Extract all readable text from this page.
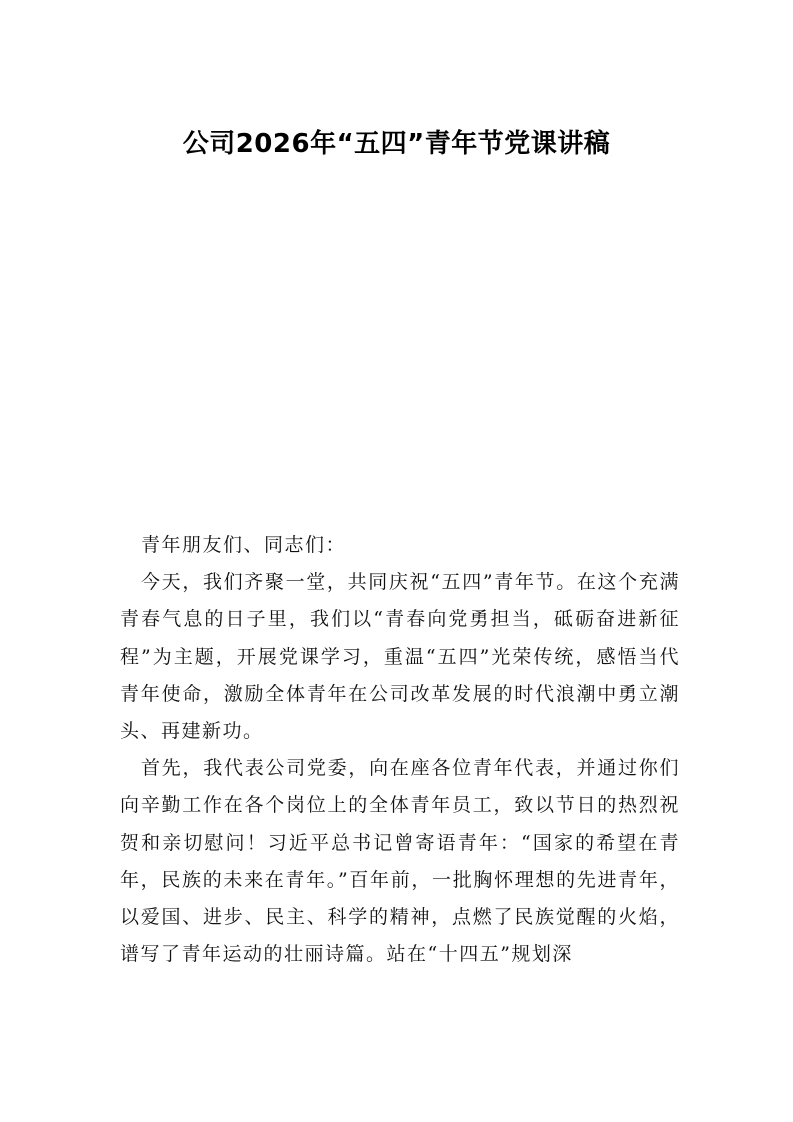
公司2026年“五四”青年节党课讲稿

青年朋友们、同志们：

今天，我们齐聚一堂，共同庆祝“五四”青年节。在这个充满青春气息的日子里，我们以“青春向党勇担当，砥砺奋进新征程”为主题，开展党课学习，重温“五四”光荣传统，感悟当代青年使命，激励全体青年在公司改革发展的时代浪潮中勇立潮头、再建新功。

首先，我代表公司党委，向在座各位青年代表，并通过你们向辛勤工作在各个岗位上的全体青年员工，致以节日的热烈祝贺和亲切慰问！习近平总书记曾寄语青年：“国家的希望在青年，民族的未来在青年。”百年前，一批胸怀理想的先进青年，以爱国、进步、民主、科学的精神，点燃了民族觉醒的火焰，谱写了青年运动的壮丽诗篇。站在“十四五”规划深
